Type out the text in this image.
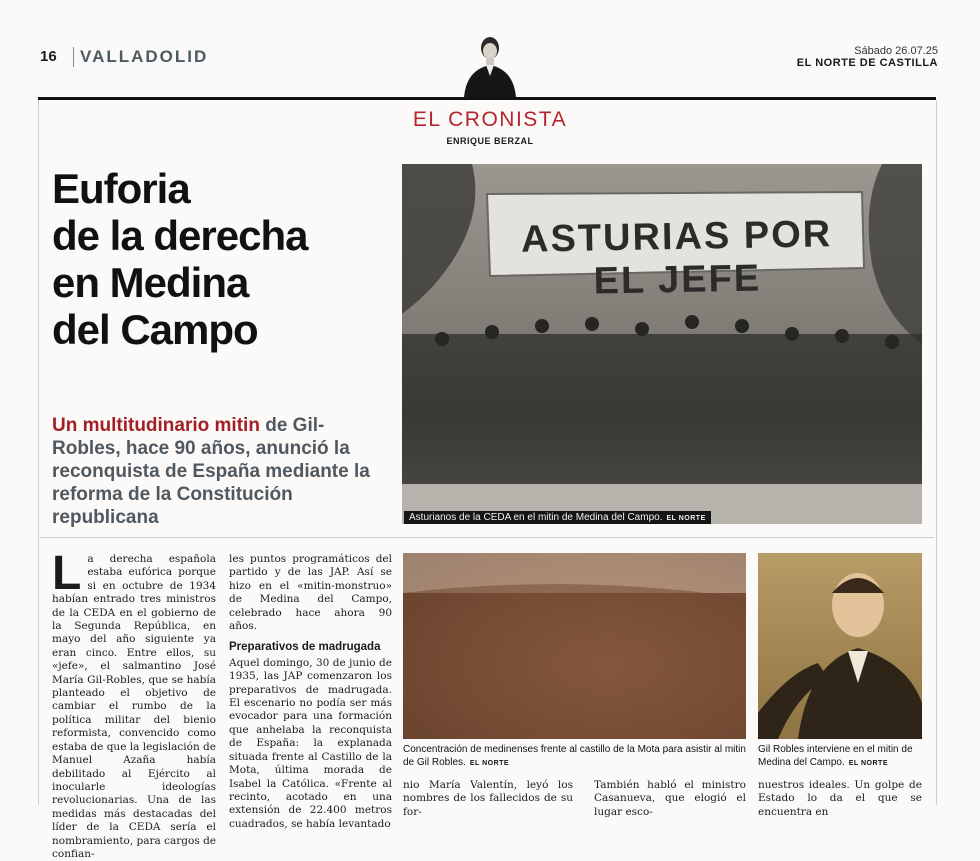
16	VALLADOLID	Sábado 26.07.25
EL NORTE DE CASTILLA
EL CRONISTA
ENRIQUE BERZAL
Euforia
de la derecha
en Medina
del Campo
Un multitudinario mitin de Gil-Robles, hace 90 años, anunció la reconquista de España mediante la reforma de la Constitución republicana
ASTURIAS POR EL JEFE
Asturianos de la CEDA en el mitin de Medina del Campo. EL NORTE
La derecha española estaba eufórica porque si en octubre de 1934 habían entrado tres ministros de la CEDA en el gobierno de la Segunda República, en mayo del año siguiente ya eran cinco. Entre ellos, su «jefe», el salmantino José María Gil-Robles, que se había planteado el objetivo de cambiar el rumbo de la política militar del bienio reformista, convencido como estaba de que la legislación de Manuel Azaña había debilitado al Ejército al inocularle ideologías revolucionarias. Una de las medidas más destacadas del líder de la CEDA sería el nombramiento, para cargos de confian-
les puntos programáticos del partido y de las JAP. Así se hizo en el «mitin-monstruo» de Medina del Campo, celebrado hace ahora 90 años.
Preparativos de madrugada
Aquel domingo, 30 de junio de 1935, las JAP comenzaron los preparativos de madrugada. El escenario no podía ser más evocador para una formación que anhelaba la reconquista de España: la explanada situada frente al Castillo de la Mota, última morada de Isabel la Católica. «Frente al recinto, acotado en una extensión de 22.400 metros cuadrados, se había levantado
Concentración de medinenses frente al castillo de la Mota para asistir al mitin de Gil Robles. EL NORTE
Gil Robles interviene en el mitin de Medina del Campo. EL NORTE
nio María Valentín, leyó los nombres de los fallecidos de su for-
También habló el ministro Casanueva, que elogió el lugar esco-
nuestros ideales. Un golpe de Estado lo da el que se encuentra en
